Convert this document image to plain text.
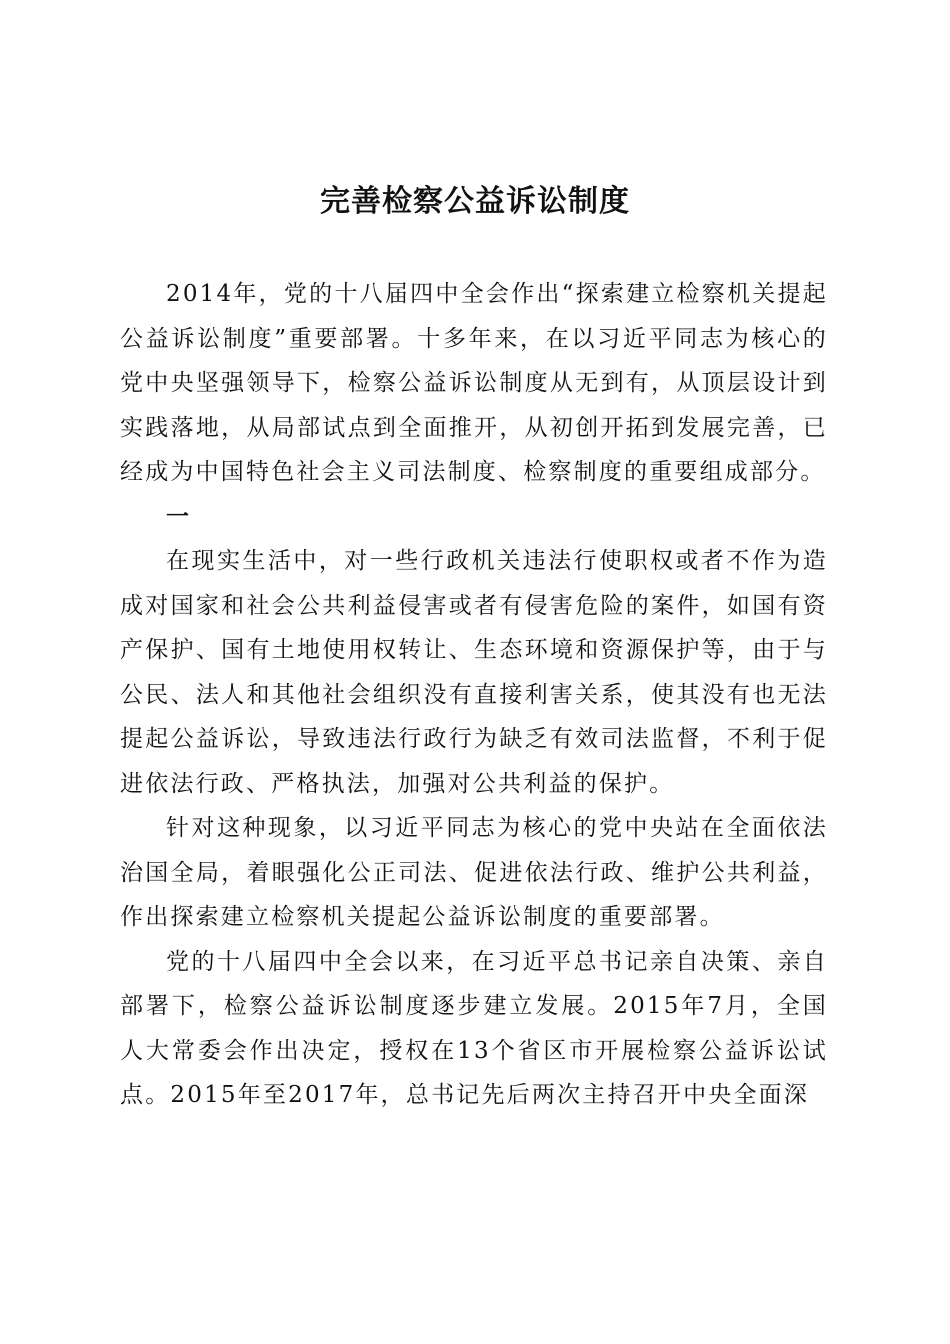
完善检察公益诉讼制度

2014年，党的十八届四中全会作出“探索建立检察机关提起公益诉讼制度”重要部署。十多年来，在以习近平同志为核心的党中央坚强领导下，检察公益诉讼制度从无到有，从顶层设计到实践落地，从局部试点到全面推开，从初创开拓到发展完善，已经成为中国特色社会主义司法制度、检察制度的重要组成部分。

一

在现实生活中，对一些行政机关违法行使职权或者不作为造成对国家和社会公共利益侵害或者有侵害危险的案件，如国有资产保护、国有土地使用权转让、生态环境和资源保护等，由于与公民、法人和其他社会组织没有直接利害关系，使其没有也无法提起公益诉讼，导致违法行政行为缺乏有效司法监督，不利于促进依法行政、严格执法，加强对公共利益的保护。

针对这种现象，以习近平同志为核心的党中央站在全面依法治国全局，着眼强化公正司法、促进依法行政、维护公共利益，作出探索建立检察机关提起公益诉讼制度的重要部署。

党的十八届四中全会以来，在习近平总书记亲自决策、亲自部署下，检察公益诉讼制度逐步建立发展。2015年7月，全国人大常委会作出决定，授权在13个省区市开展检察公益诉讼试点。2015年至2017年，总书记先后两次主持召开中央全面深
